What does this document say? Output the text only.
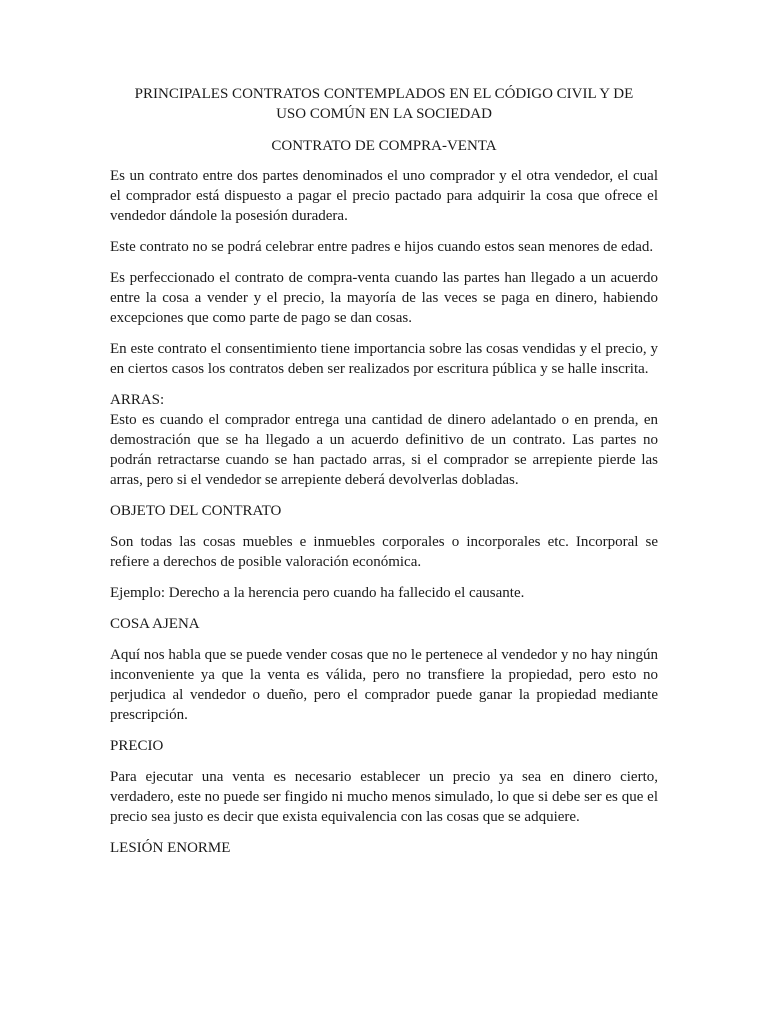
PRINCIPALES CONTRATOS CONTEMPLADOS EN EL CÓDIGO CIVIL Y DE
USO COMÚN EN LA SOCIEDAD
CONTRATO DE COMPRA-VENTA

Es un contrato entre dos partes denominados el uno comprador y el otra vendedor, el cual el comprador está dispuesto a pagar el precio pactado para adquirir la cosa que ofrece el vendedor dándole la posesión duradera.

Este contrato no se podrá celebrar entre padres e hijos cuando estos sean menores de edad.

Es perfeccionado el contrato de compra-venta cuando las partes han llegado a un acuerdo entre la cosa a vender y el precio, la mayoría de las veces se paga en dinero, habiendo excepciones que como parte de pago se dan cosas.

En este contrato el consentimiento tiene importancia sobre las cosas vendidas y el precio, y en ciertos casos los contratos deben ser realizados por escritura pública y se halle inscrita.

ARRAS:

Esto es cuando el comprador entrega una cantidad de dinero adelantado o en prenda, en demostración que se ha llegado a un acuerdo definitivo de un contrato. Las partes no podrán retractarse cuando se han pactado arras, si el comprador se arrepiente pierde las arras, pero si el vendedor se arrepiente deberá devolverlas dobladas.

OBJETO DEL CONTRATO

Son todas las cosas muebles e inmuebles corporales o incorporales etc. Incorporal se refiere a derechos de posible valoración económica.

Ejemplo: Derecho a la herencia pero cuando ha fallecido el causante.

COSA AJENA

Aquí nos habla que se puede vender cosas que no le pertenece al vendedor y no hay ningún inconveniente ya que la venta es válida, pero no transfiere la propiedad, pero esto no perjudica al vendedor o dueño, pero el comprador puede ganar la propiedad mediante prescripción.

PRECIO

Para ejecutar una venta es necesario establecer un precio ya sea en dinero cierto, verdadero, este no puede ser fingido ni mucho menos simulado, lo que si debe ser es que el precio sea justo es decir que exista equivalencia con las cosas que se adquiere.

LESIÓN ENORME
